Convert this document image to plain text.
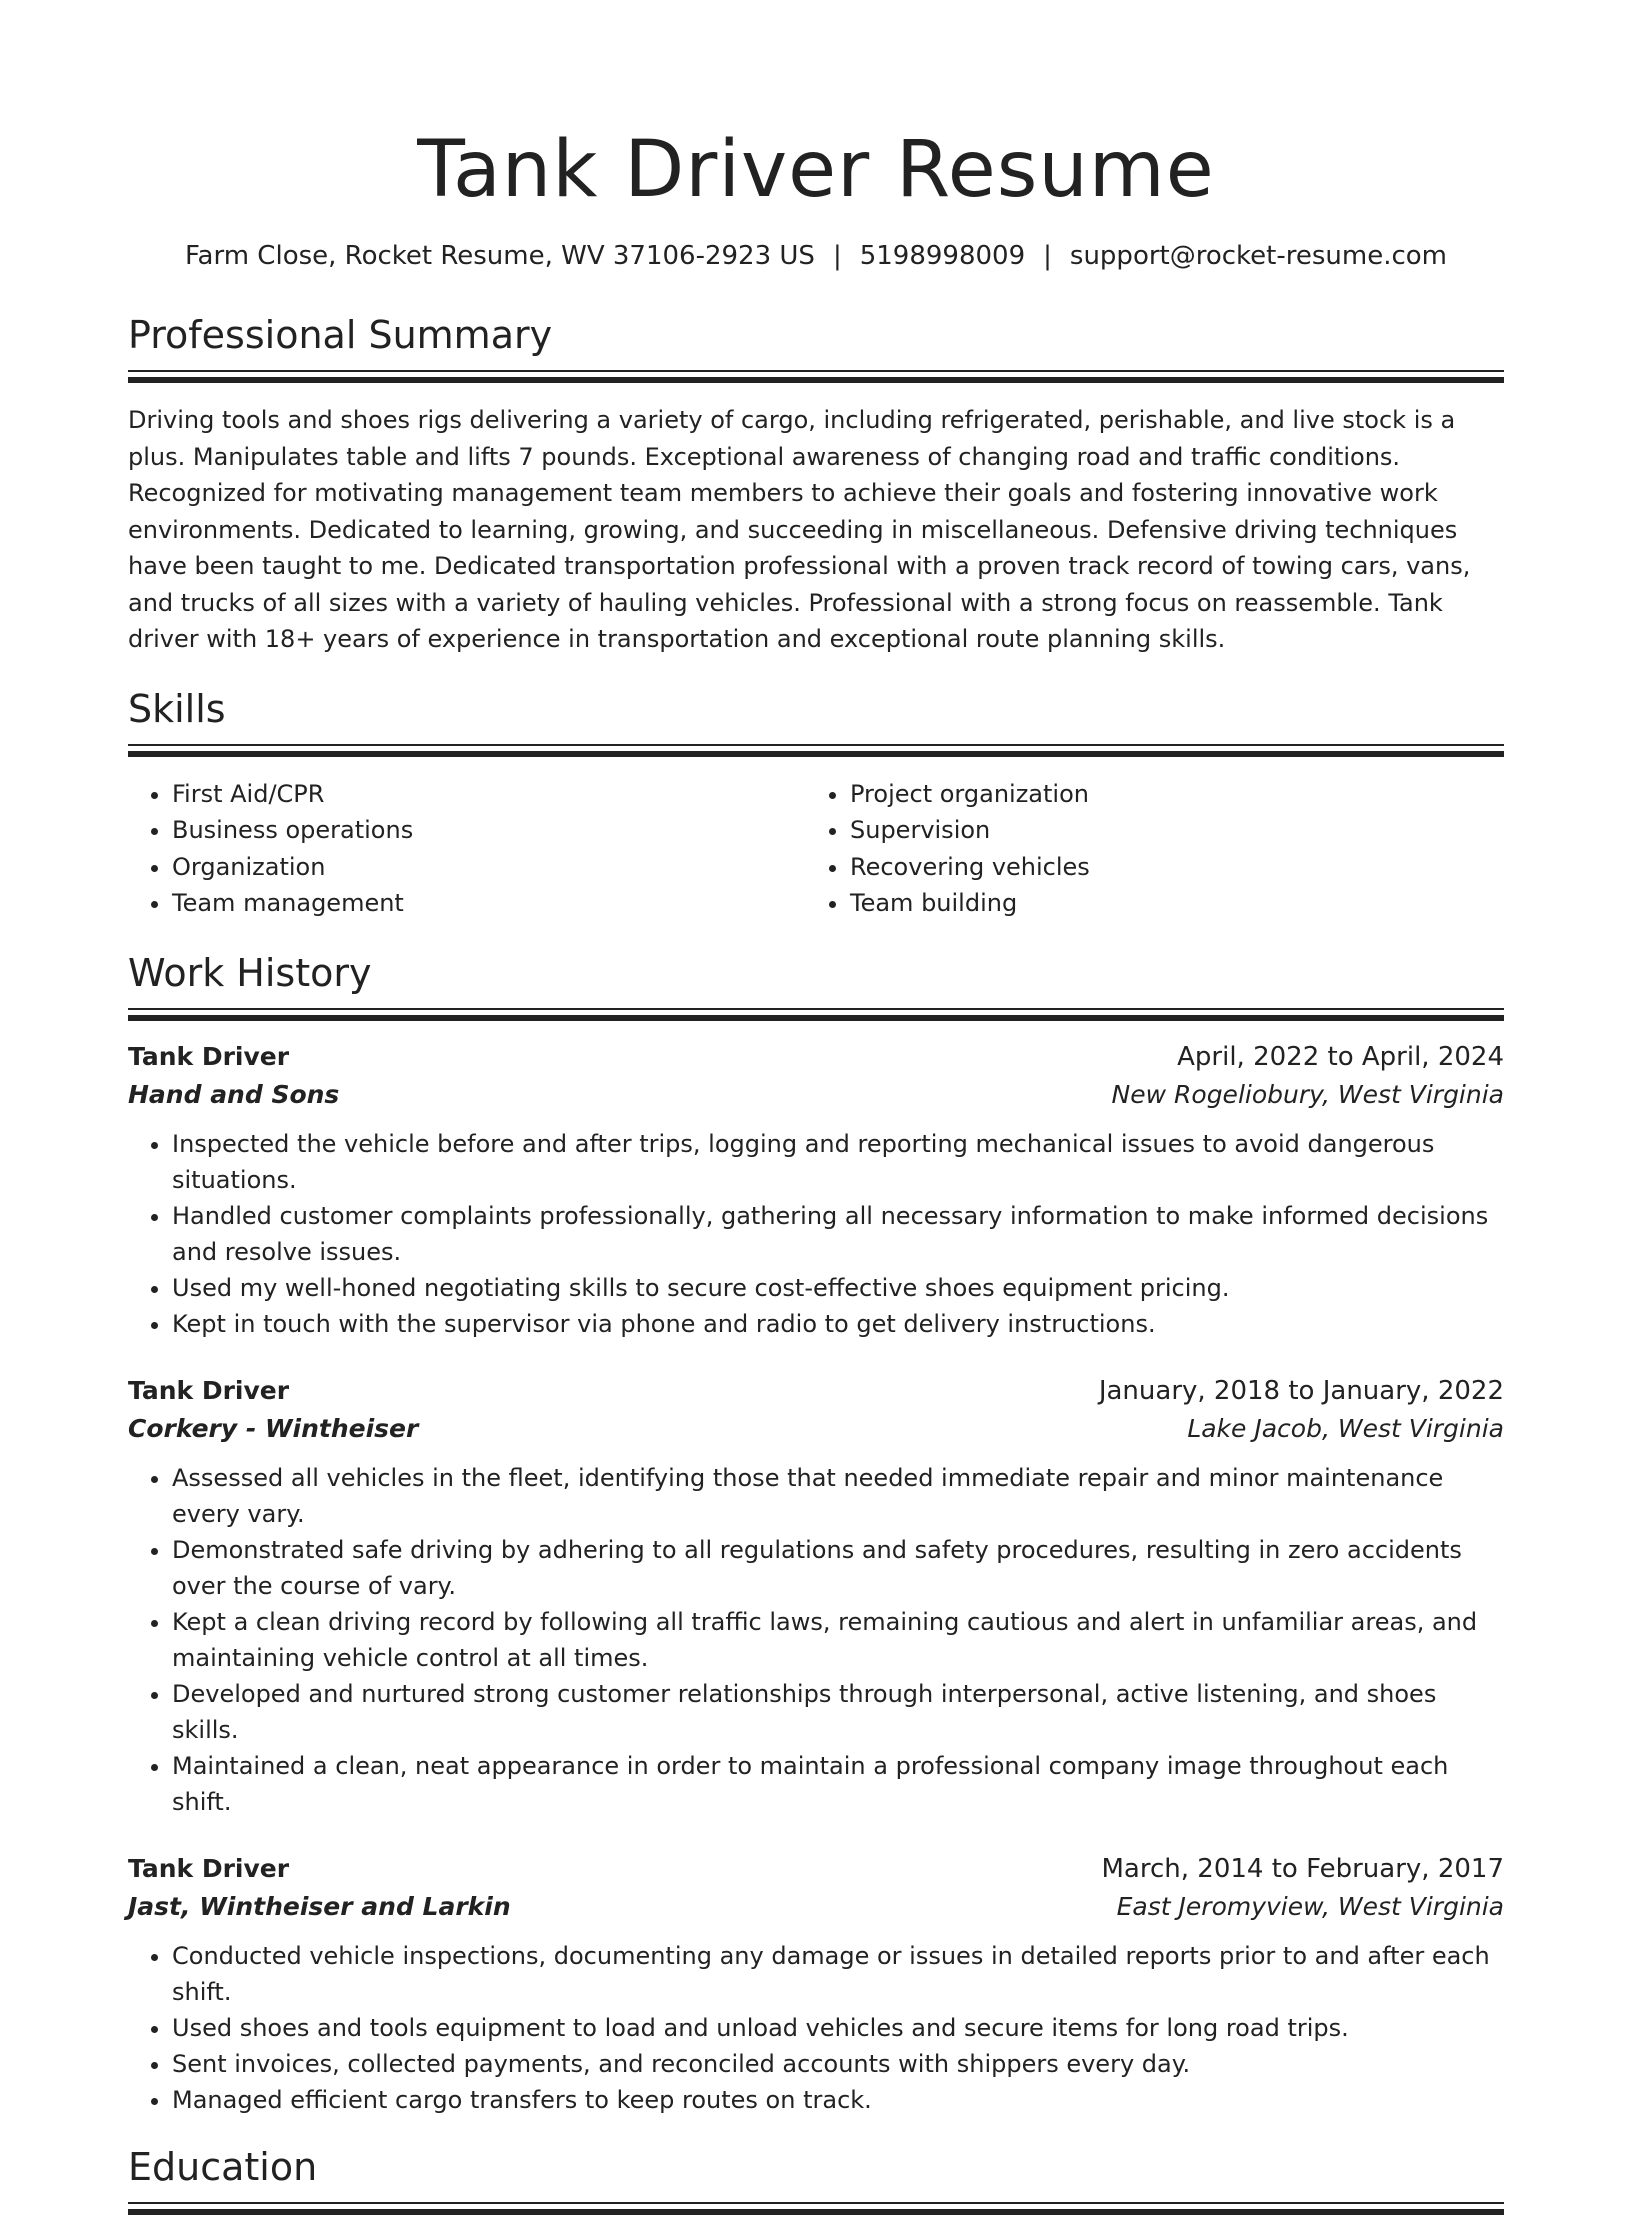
Tank Driver Resume
Farm Close, Rocket Resume, WV 37106-2923 US | 5198998009 | support@rocket-resume.com
Professional Summary

Driving tools and shoes rigs delivering a variety of cargo, including refrigerated, perishable, and live stock is a plus. Manipulates table and lifts 7 pounds. Exceptional awareness of changing road and traffic conditions. Recognized for motivating management team members to achieve their goals and fostering innovative work environments. Dedicated to learning, growing, and succeeding in miscellaneous. Defensive driving techniques have been taught to me. Dedicated transportation professional with a proven track record of towing cars, vans, and trucks of all sizes with a variety of hauling vehicles. Professional with a strong focus on reassemble. Tank driver with 18+ years of experience in transportation and exceptional route planning skills.

Skills
• First Aid/CPR
• Business operations
• Organization
• Team management
• Project organization
• Supervision
• Recovering vehicles
• Team building
Work History
Tank Driver	April, 2022 to April, 2024
Hand and Sons	New Rogeliobury, West Virginia
• Inspected the vehicle before and after trips, logging and reporting mechanical issues to avoid dangerous situations.
• Handled customer complaints professionally, gathering all necessary information to make informed decisions and resolve issues.
• Used my well-honed negotiating skills to secure cost-effective shoes equipment pricing.
• Kept in touch with the supervisor via phone and radio to get delivery instructions.
Tank Driver	January, 2018 to January, 2022
Corkery - Wintheiser	Lake Jacob, West Virginia
• Assessed all vehicles in the fleet, identifying those that needed immediate repair and minor maintenance every vary.
• Demonstrated safe driving by adhering to all regulations and safety procedures, resulting in zero accidents over the course of vary.
• Kept a clean driving record by following all traffic laws, remaining cautious and alert in unfamiliar areas, and maintaining vehicle control at all times.
• Developed and nurtured strong customer relationships through interpersonal, active listening, and shoes skills.
• Maintained a clean, neat appearance in order to maintain a professional company image throughout each shift.
Tank Driver	March, 2014 to February, 2017
Jast, Wintheiser and Larkin	East Jeromyview, West Virginia
• Conducted vehicle inspections, documenting any damage or issues in detailed reports prior to and after each shift.
• Used shoes and tools equipment to load and unload vehicles and secure items for long road trips.
• Sent invoices, collected payments, and reconciled accounts with shippers every day.
• Managed efficient cargo transfers to keep routes on track.
Education
